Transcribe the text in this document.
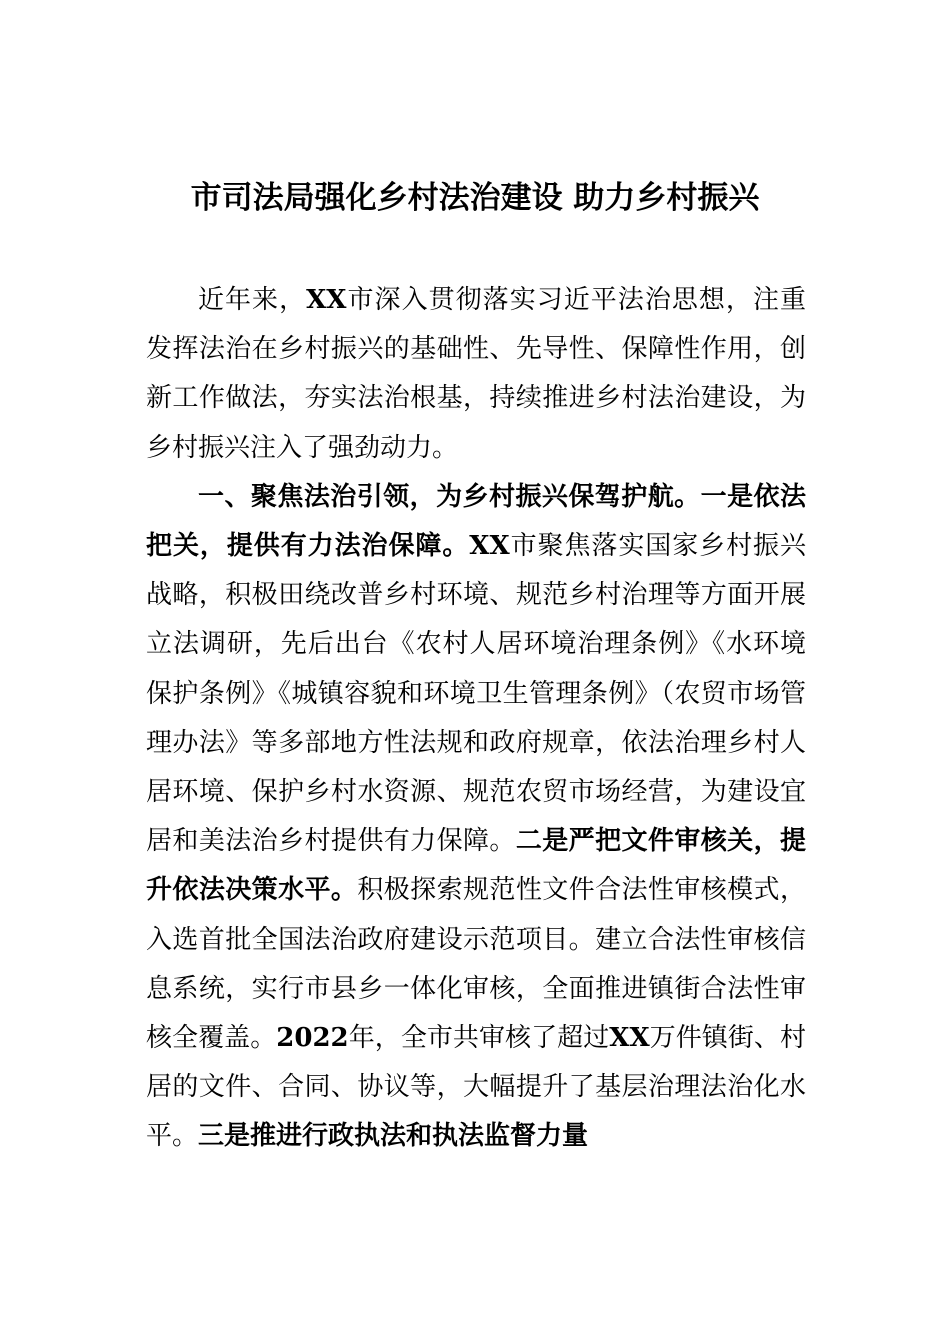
市司法局强化乡村法治建设 助力乡村振兴

近年来，XX市深入贯彻落实习近平法治思想，注重发挥法治在乡村振兴的基础性、先导性、保障性作用，创新工作做法，夯实法治根基，持续推进乡村法治建设，为乡村振兴注入了强劲动力。

一、聚焦法治引领，为乡村振兴保驾护航。一是依法把关，提供有力法治保障。XX市聚焦落实国家乡村振兴战略，积极田绕改普乡村环境、规范乡村治理等方面开展立法调研，先后出台《农村人居环境治理条例》《水环境保护条例》《城镇容貌和环境卫生管理条例》（农贸市场管理办法》等多部地方性法规和政府规章，依法治理乡村人居环境、保护乡村水资源、规范农贸市场经营，为建设宜居和美法治乡村提供有力保障。二是严把文件审核关，提升依法决策水平。积极探索规范性文件合法性审核模式，入选首批全国法治政府建设示范项目。建立合法性审核信息系统，实行市县乡一体化审核，全面推进镇街合法性审核全覆盖。2022年，全市共审核了超过XX万件镇街、村居的文件、合同、协议等，大幅提升了基层治理法治化水平。三是推进行政执法和执法监督力量
